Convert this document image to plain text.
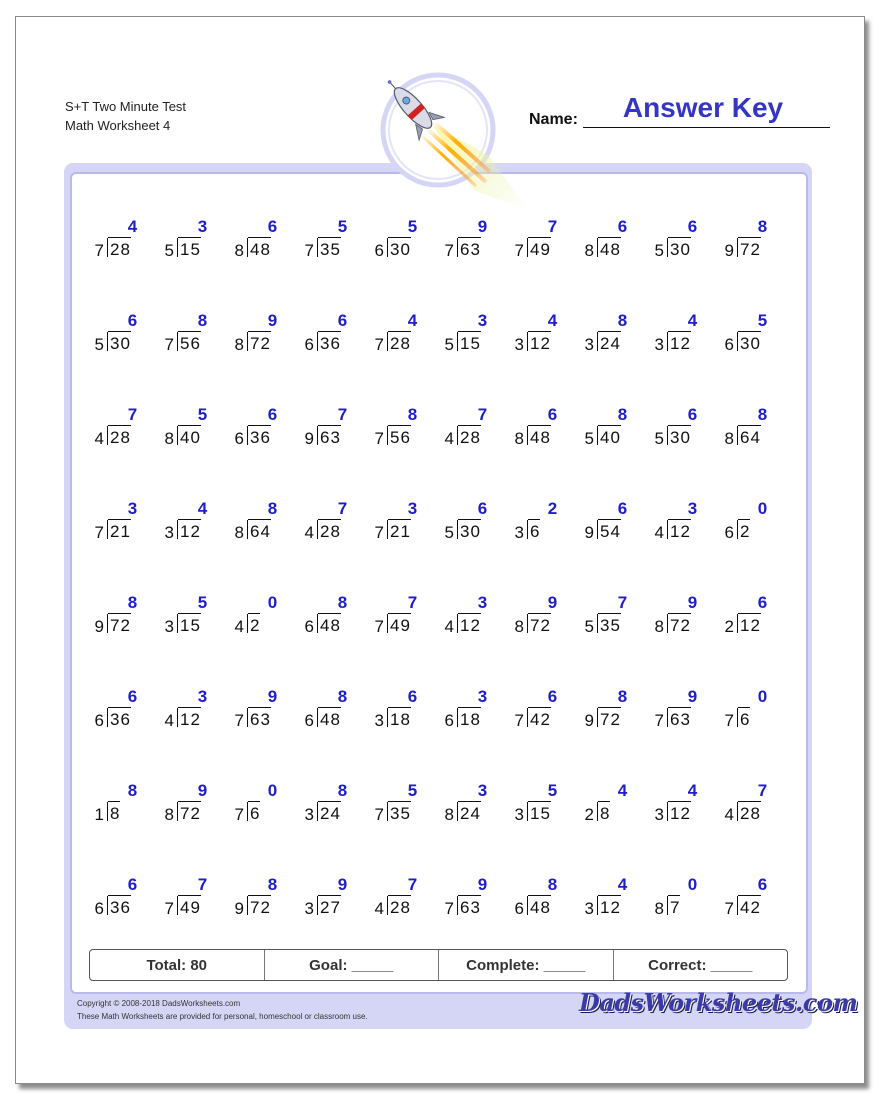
S+T Two Minute Test
Math Worksheet 4	Name:	Answer Key
4
7 28
3
5 15
6
8 48
5
7 35
5
6 30
9
7 63
7
7 49
6
8 48
6
5 30
8
9 72
6
5 30
8
7 56
9
8 72
6
6 36
4
7 28
3
5 15
4
3 12
8
3 24
4
3 12
5
6 30
7
4 28
5
8 40
6
6 36
7
9 63
8
7 56
7
4 28
6
8 48
8
5 40
6
5 30
8
8 64
3
7 21
4
3 12
8
8 64
7
4 28
3
7 21
6
5 30
2
3 6
6
9 54
3
4 12
0
6 2
8
9 72
5
3 15
0
4 2
8
6 48
7
7 49
3
4 12
9
8 72
7
5 35
9
8 72
6
2 12
6
6 36
3
4 12
9
7 63
8
6 48
6
3 18
3
6 18
6
7 42
8
9 72
9
7 63
0
7 6
8
1 8
9
8 72
0
7 6
8
3 24
5
7 35
3
8 24
5
3 15
4
2 8
4
3 12
7
4 28
6
6 36
7
7 49
8
9 72
9
3 27
7
4 28
9
7 63
8
6 48
4
3 12
0
8 7
6
7 42
Total: 80	Goal: _____	Complete: _____	Correct: _____
Copyright © 2008-2018 DadsWorksheets.com
These Math Worksheets are provided for personal, homeschool or classroom use.	DadsWorksheets.com
